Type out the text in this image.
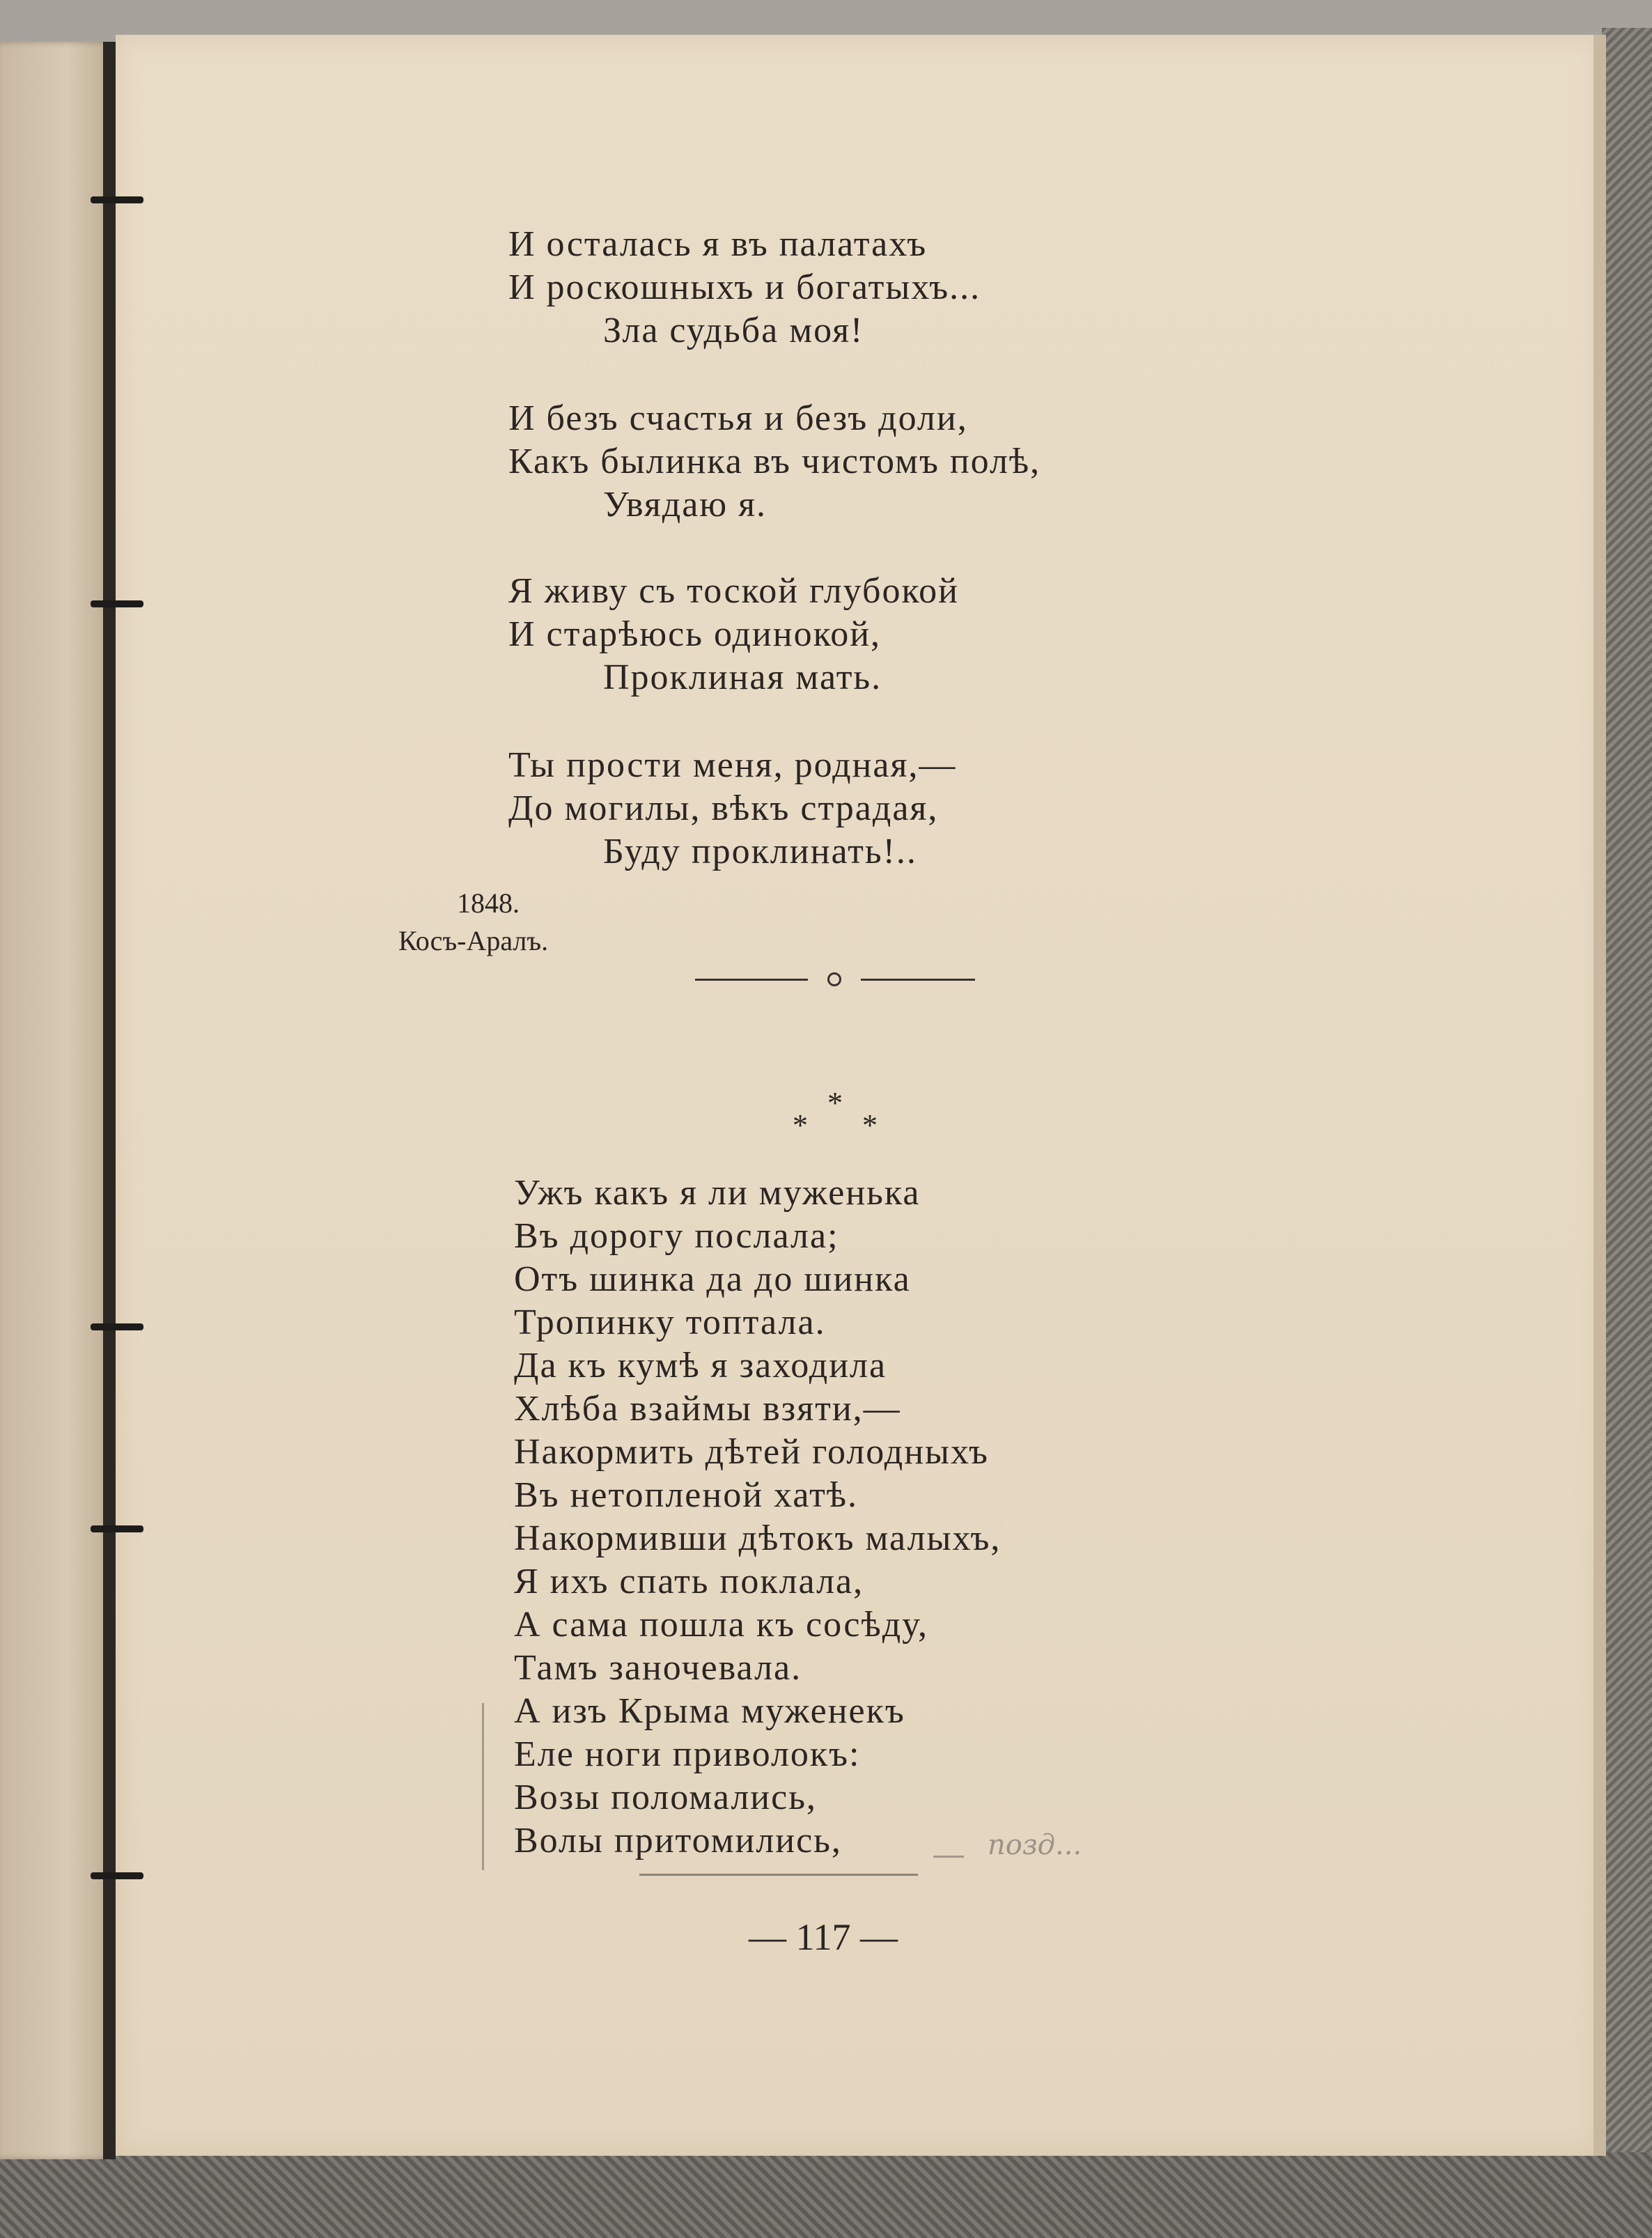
И осталась я въ палатахъ
И роскошныхъ и богатыхъ...
Зла судьба моя!
И безъ счастья и безъ доли,
Какъ былинка въ чистомъ полѣ,
Увядаю я.
Я живу съ тоской глубокой
И старѣюсь одинокой,
Проклиная мать.
Ты прости меня, родная,—
До могилы, вѣкъ страдая,
Буду проклинать!..
1848.
Косъ-Аралъ.
*
* *
Ужъ какъ я ли муженька
Въ дорогу послала;
Отъ шинка да до шинка
Тропинку топтала.
Да къ кумѣ я заходила
Хлѣба взаймы взяти,—
Накормить дѣтей голодныхъ
Въ нетопленой хатѣ.
Накормивши дѣтокъ малыхъ,
Я ихъ спать поклала,
А сама пошла къ сосѣду,
Тамъ заночевала.
А изъ Крыма муженекъ
Еле ноги приволокъ:
Возы поломались,
Волы притомились,	позд...
— 117 —
